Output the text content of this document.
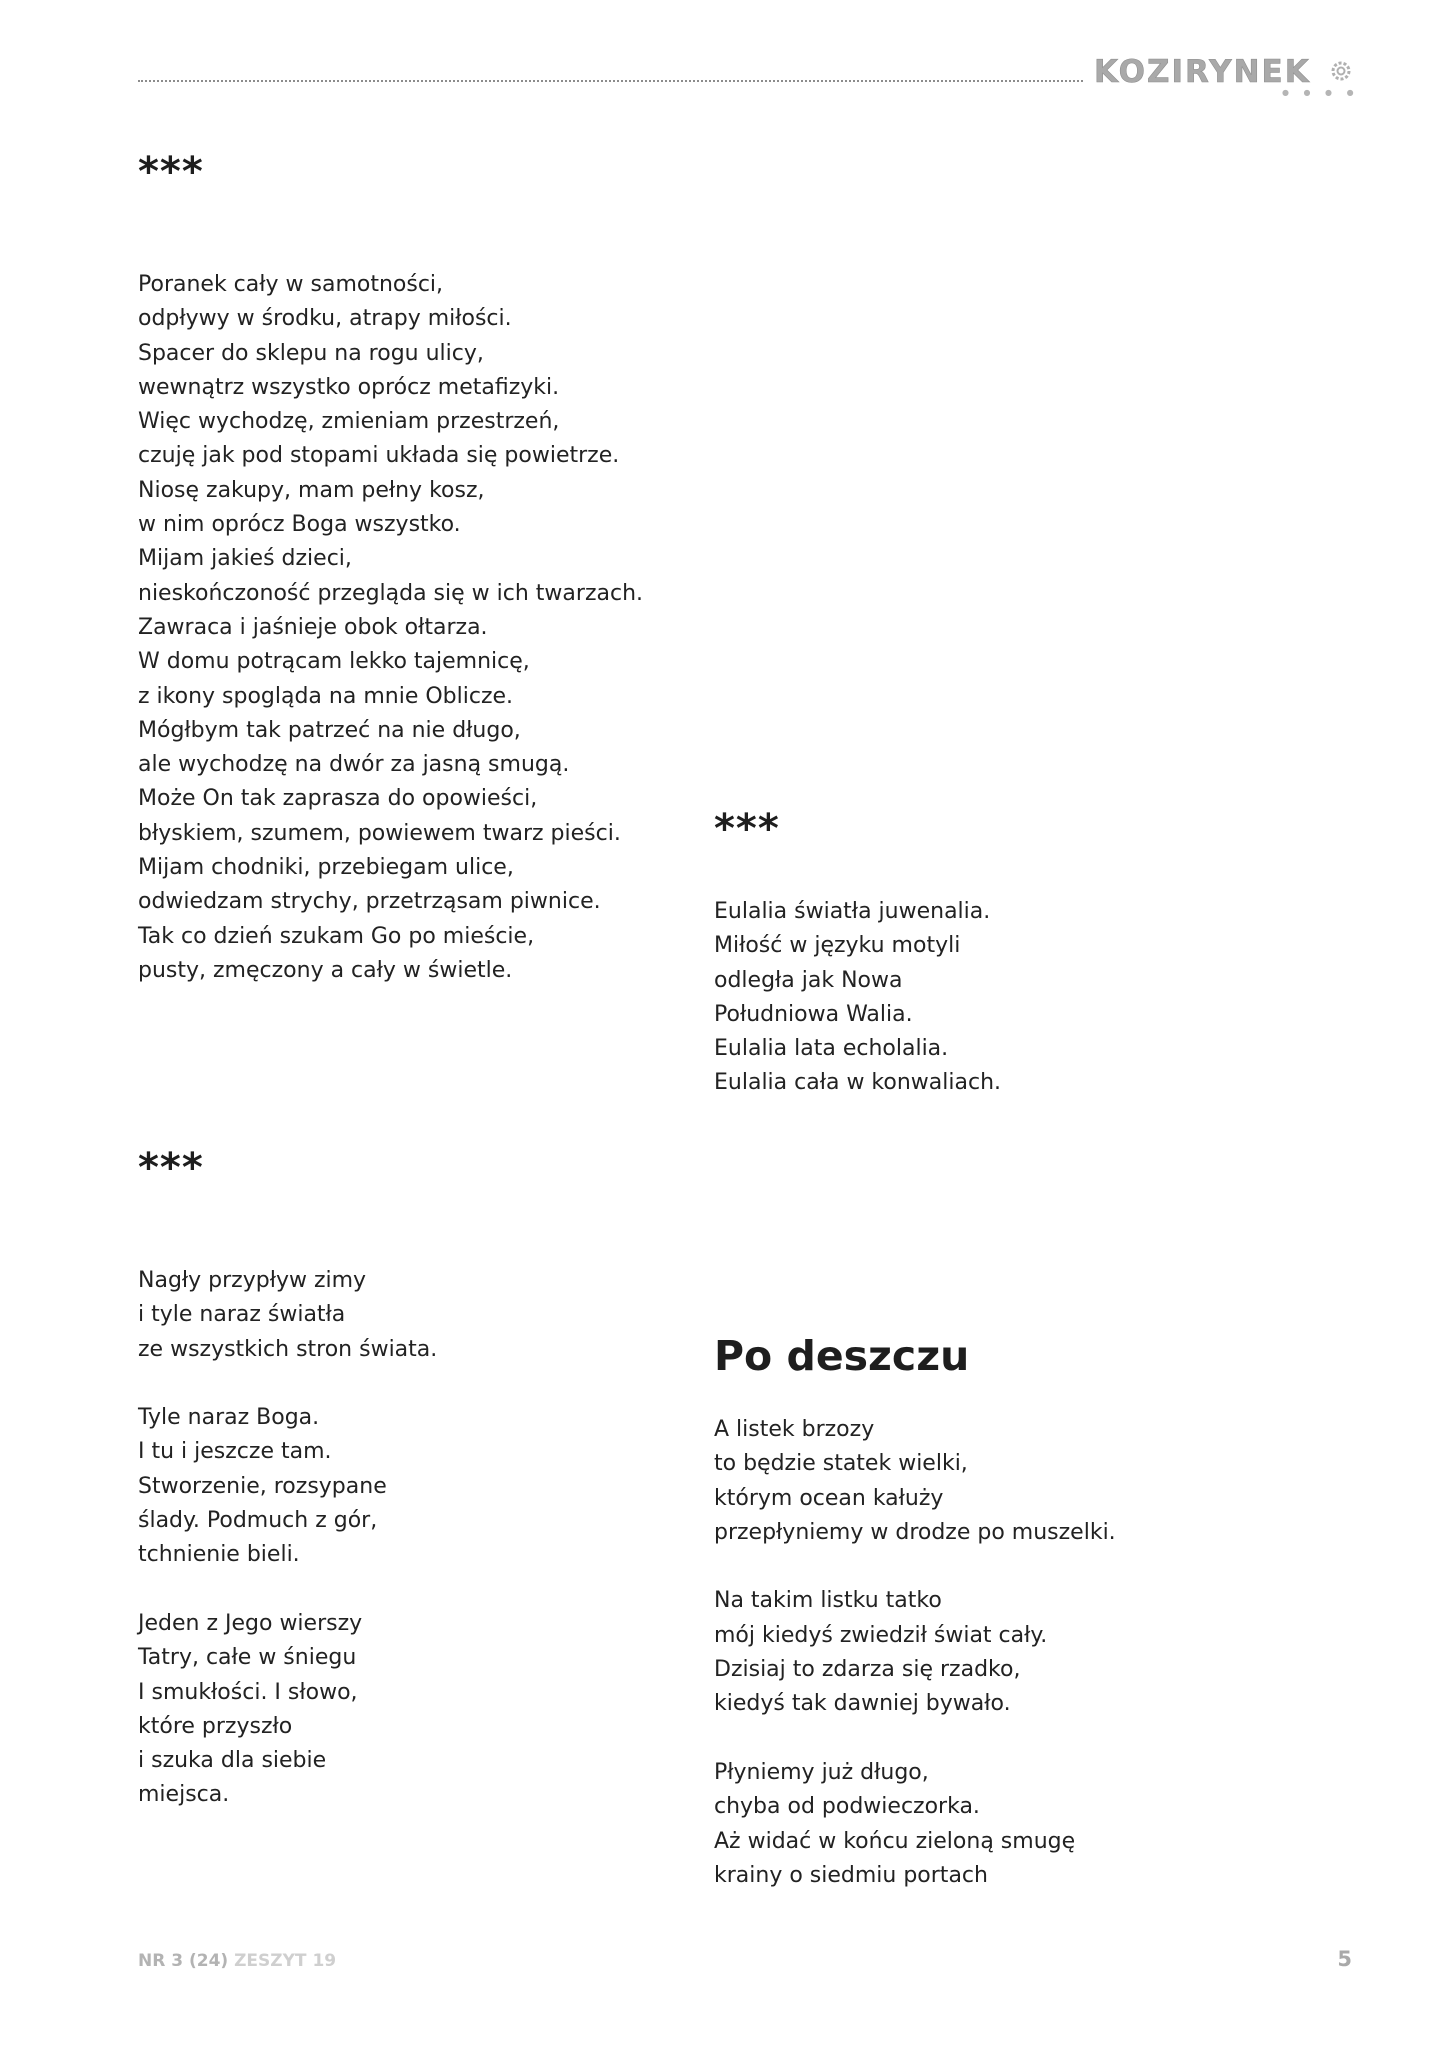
KOZIRYNEK
● ● ● ●
***
Poranek cały w samotności,
odpływy w środku, atrapy miłości.
Spacer do sklepu na rogu ulicy,
wewnątrz wszystko oprócz metafizyki.
Więc wychodzę, zmieniam przestrzeń,
czuję jak pod stopami układa się powietrze.
Niosę zakupy, mam pełny kosz,
w nim oprócz Boga wszystko.
Mijam jakieś dzieci,
nieskończoność przegląda się w ich twarzach.
Zawraca i jaśnieje obok ołtarza.
W domu potrącam lekko tajemnicę,
z ikony spogląda na mnie Oblicze.
Mógłbym tak patrzeć na nie długo,
ale wychodzę na dwór za jasną smugą.
Może On tak zaprasza do opowieści,
błyskiem, szumem, powiewem twarz pieści.
Mijam chodniki, przebiegam ulice,
odwiedzam strychy, przetrząsam piwnice.
Tak co dzień szukam Go po mieście,
pusty, zmęczony a cały w świetle.
***
Eulalia światła juwenalia.
Miłość w języku motyli
odległa jak Nowa
Południowa Walia.
Eulalia lata echolalia.
Eulalia cała w konwaliach.
***
Nagły przypływ zimy
i tyle naraz światła
ze wszystkich stron świata.
Tyle naraz Boga.
I tu i jeszcze tam.
Stworzenie, rozsypane
ślady. Podmuch z gór,
tchnienie bieli.
Jeden z Jego wierszy
Tatry, całe w śniegu
I smukłości. I słowo,
które przyszło
i szuka dla siebie
miejsca.
Po deszczu
A listek brzozy
to będzie statek wielki,
którym ocean kałuży
przepłyniemy w drodze po muszelki.
Na takim listku tatko
mój kiedyś zwiedził świat cały.
Dzisiaj to zdarza się rzadko,
kiedyś tak dawniej bywało.
Płyniemy już długo,
chyba od podwieczorka.
Aż widać w końcu zieloną smugę
krainy o siedmiu portach
NR 3 (24) ZESZYT 19	5
